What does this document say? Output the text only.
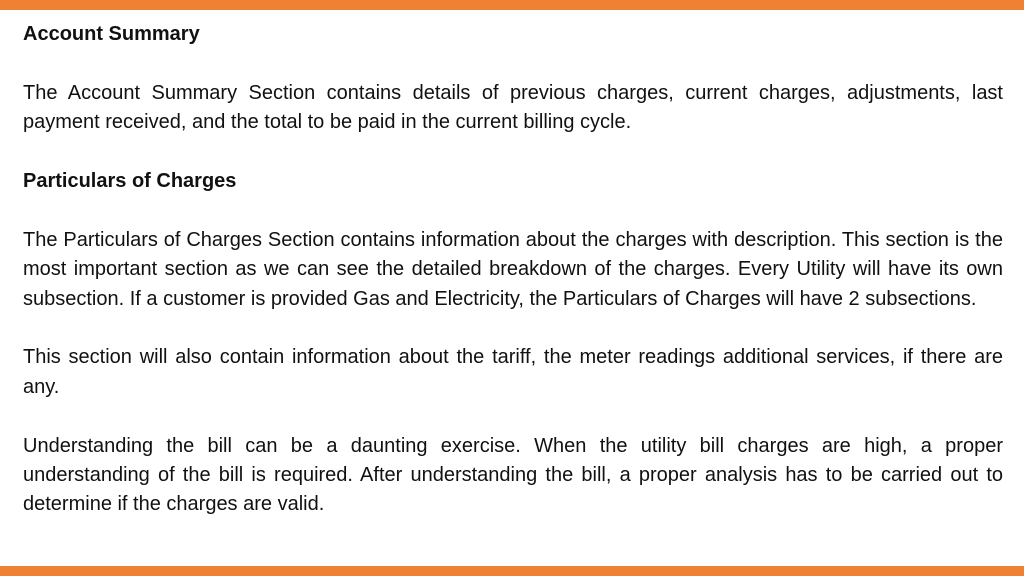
Account Summary

The Account Summary Section contains details of previous charges, current charges, adjustments, last payment received, and the total to be paid in the current billing cycle.

Particulars of Charges

The Particulars of Charges Section contains information about the charges with description. This section is the most important section as we can see the detailed breakdown of the charges. Every Utility will have its own subsection. If a customer is provided Gas and Electricity, the Particulars of Charges will have 2 subsections.

This section will also contain information about the tariff, the meter readings additional services, if there are any.

Understanding the bill can be a daunting exercise. When the utility bill charges are high, a proper understanding of the bill is required. After understanding the bill, a proper analysis has to be carried out to determine if the charges are valid.
